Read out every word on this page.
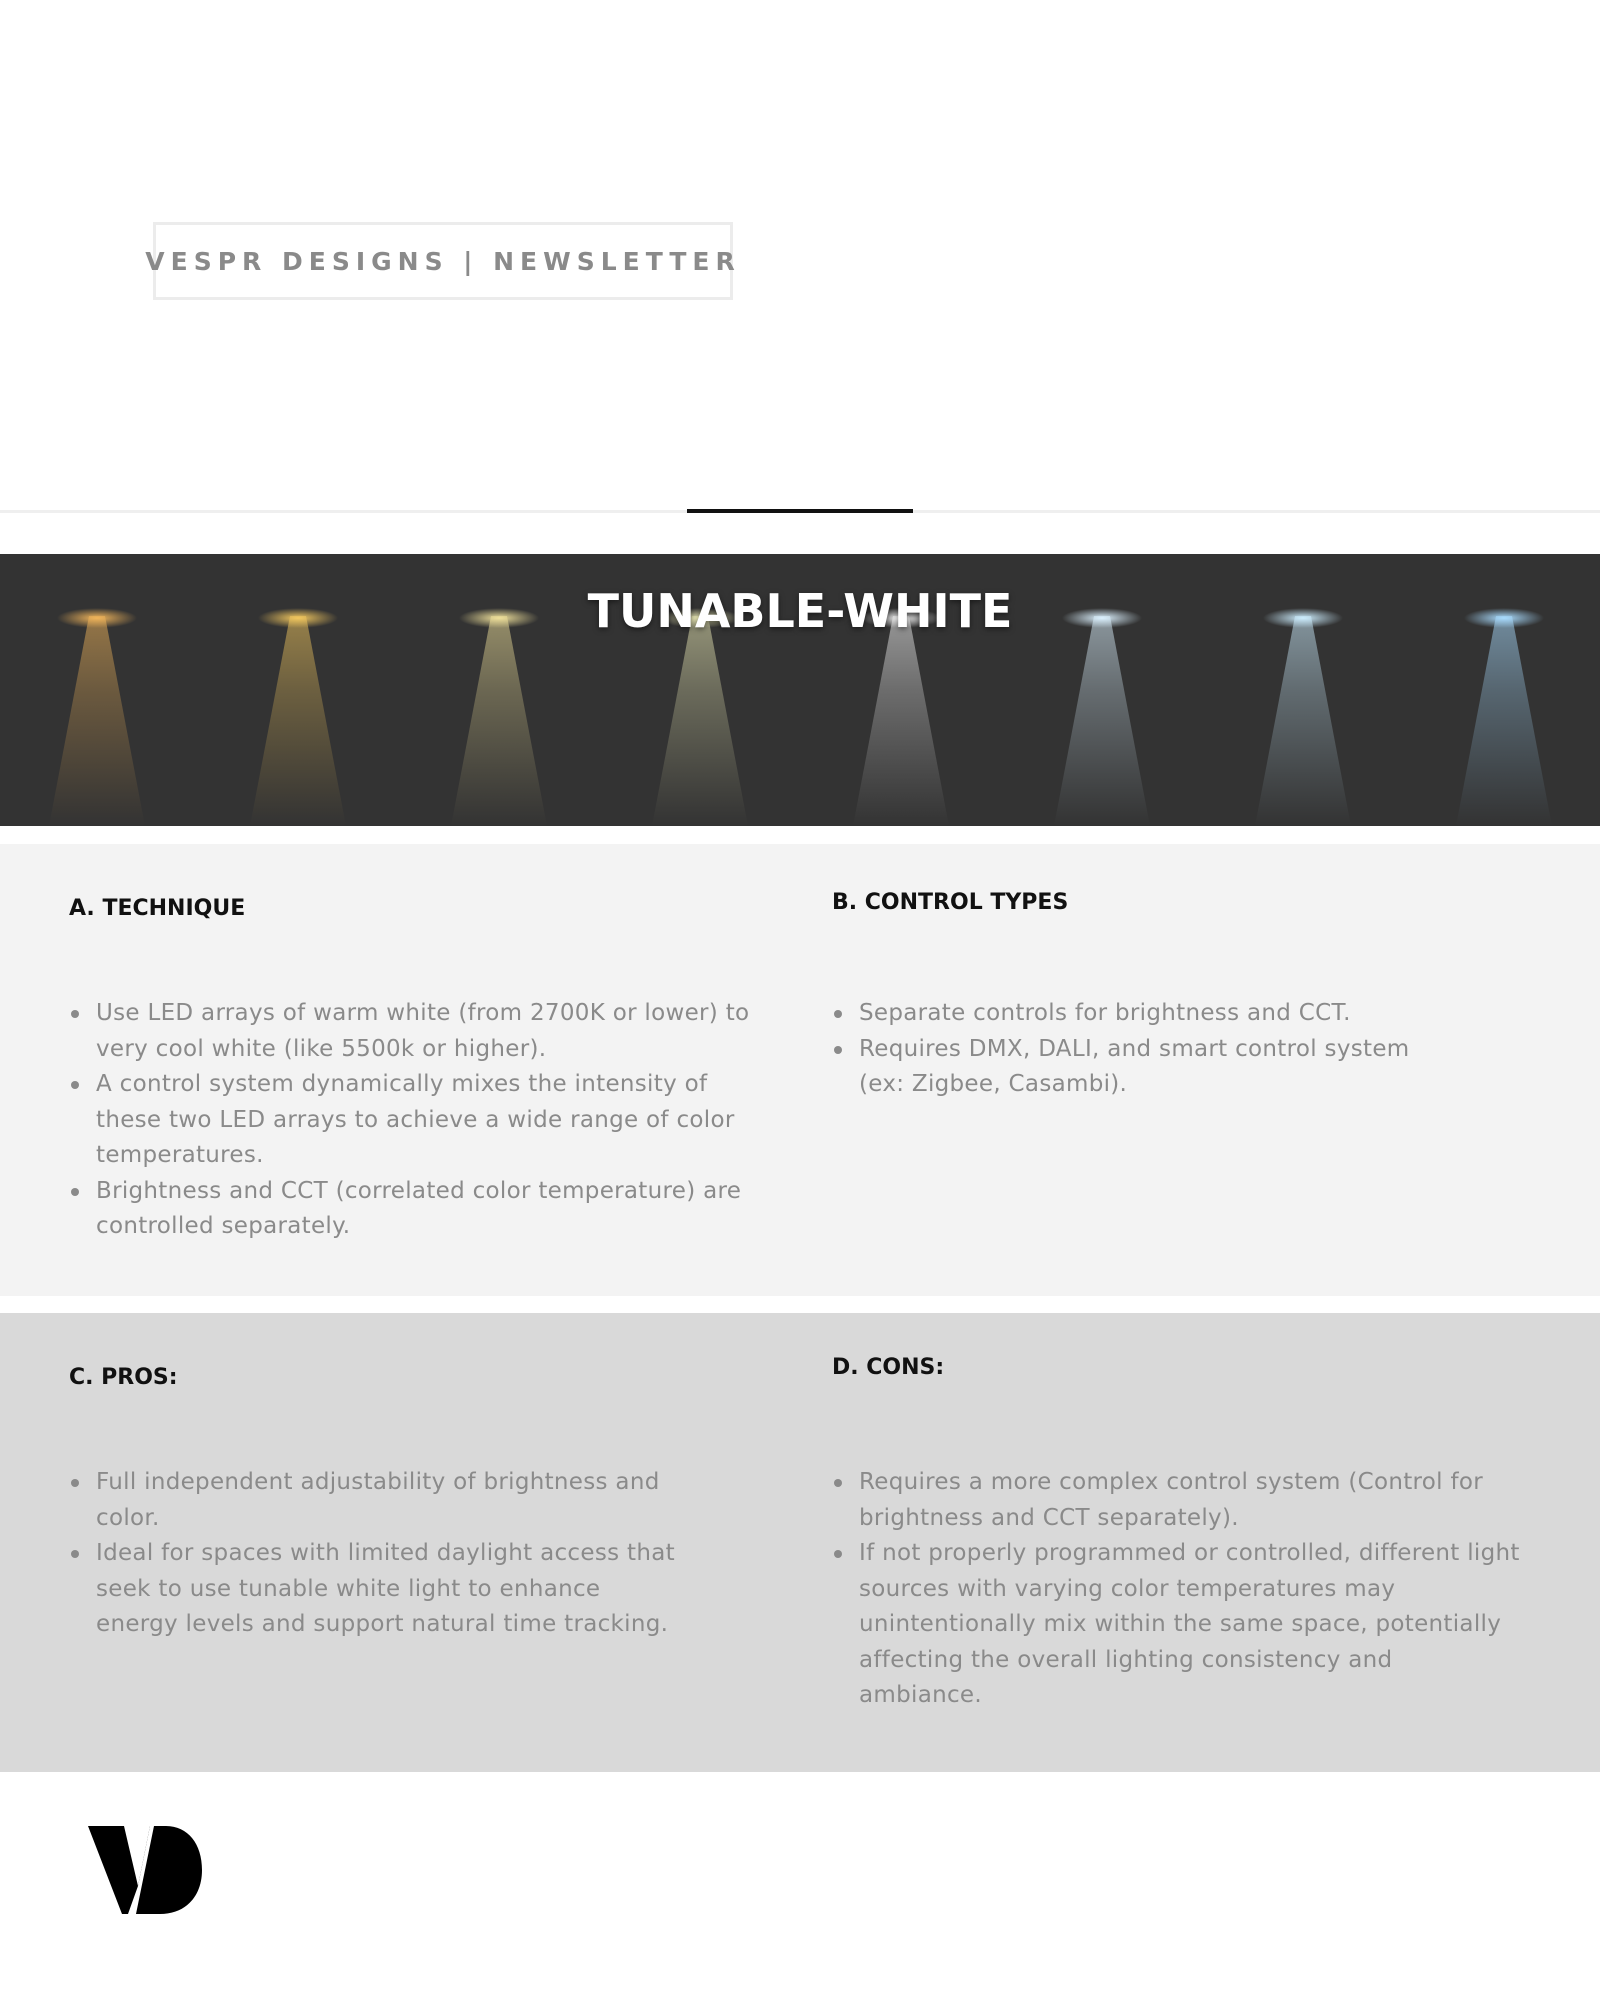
VESPR DESIGNS | NEWSLETTER
TUNABLE-WHITE
A. TECHNIQUE
Use LED arrays of warm white (from 2700K or lower) to very cool white (like 5500k or higher).
A control system dynamically mixes the intensity of these two LED arrays to achieve a wide range of color temperatures.
Brightness and CCT (correlated color temperature) are controlled separately.
B. CONTROL TYPES
Separate controls for brightness and CCT.
Requires DMX, DALI, and smart control system (ex: Zigbee, Casambi).
C. PROS:
Full independent adjustability of brightness and color.
Ideal for spaces with limited daylight access that seek to use tunable white light to enhance energy levels and support natural time tracking.
D. CONS:
Requires a more complex control system (Control for brightness and CCT separately).
If not properly programmed or controlled, different light sources with varying color temperatures may unintentionally mix within the same space, potentially affecting the overall lighting consistency and ambiance.
